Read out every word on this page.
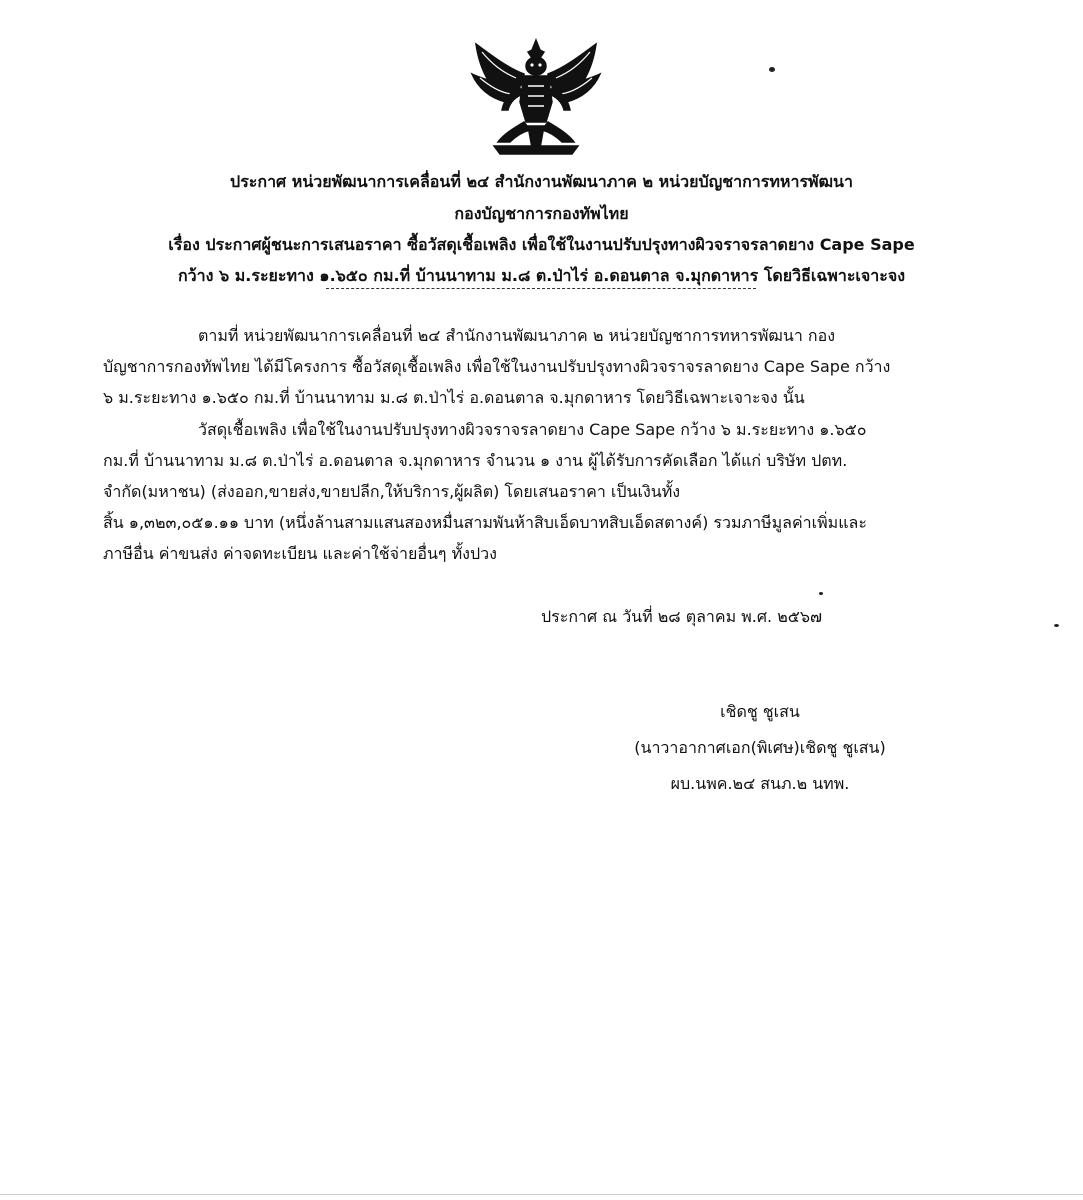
ประกาศ หน่วยพัฒนาการเคลื่อนที่ ๒๔ สำนักงานพัฒนาภาค ๒ หน่วยบัญชาการทหารพัฒนา
กองบัญชาการกองทัพไทย
เรื่อง ประกาศผู้ชนะการเสนอราคา ซื้อวัสดุเชื้อเพลิง เพื่อใช้ในงานปรับปรุงทางผิวจราจรลาดยาง Cape Sape
กว้าง ๖ ม.ระยะทาง ๑.๖๕๐ กม.ที่ บ้านนาทาม ม.๘ ต.ป่าไร่ อ.ดอนตาล จ.มุกดาหาร โดยวิธีเฉพาะเจาะจง
ตามที่ หน่วยพัฒนาการเคลื่อนที่ ๒๔ สำนักงานพัฒนาภาค ๒ หน่วยบัญชาการทหารพัฒนา กอง
บัญชาการกองทัพไทย ได้มีโครงการ ซื้อวัสดุเชื้อเพลิง เพื่อใช้ในงานปรับปรุงทางผิวจราจรลาดยาง Cape Sape กว้าง
๖ ม.ระยะทาง ๑.๖๕๐ กม.ที่ บ้านนาทาม ม.๘ ต.ป่าไร่ อ.ดอนตาล จ.มุกดาหาร โดยวิธีเฉพาะเจาะจง นั้น
วัสดุเชื้อเพลิง เพื่อใช้ในงานปรับปรุงทางผิวจราจรลาดยาง Cape Sape กว้าง ๖ ม.ระยะทาง ๑.๖๕๐
กม.ที่ บ้านนาทาม ม.๘ ต.ป่าไร่ อ.ดอนตาล จ.มุกดาหาร จำนวน ๑ งาน ผู้ได้รับการคัดเลือก ได้แก่ บริษัท ปตท.
จำกัด(มหาชน) (ส่งออก,ขายส่ง,ขายปลีก,ให้บริการ,ผู้ผลิต) โดยเสนอราคา เป็นเงินทั้ง
สิ้น ๑,๓๒๓,๐๕๑.๑๑ บาท (หนึ่งล้านสามแสนสองหมื่นสามพันห้าสิบเอ็ดบาทสิบเอ็ดสตางค์) รวมภาษีมูลค่าเพิ่มและ
ภาษีอื่น ค่าขนส่ง ค่าจดทะเบียน และค่าใช้จ่ายอื่นๆ ทั้งปวง
ประกาศ ณ วันที่ ๒๘ ตุลาคม พ.ศ. ๒๕๖๗
เชิดชู ชูเสน
(นาวาอากาศเอก(พิเศษ)เชิดชู ชูเสน)
ผบ.นพค.๒๔ สนภ.๒ นทพ.
